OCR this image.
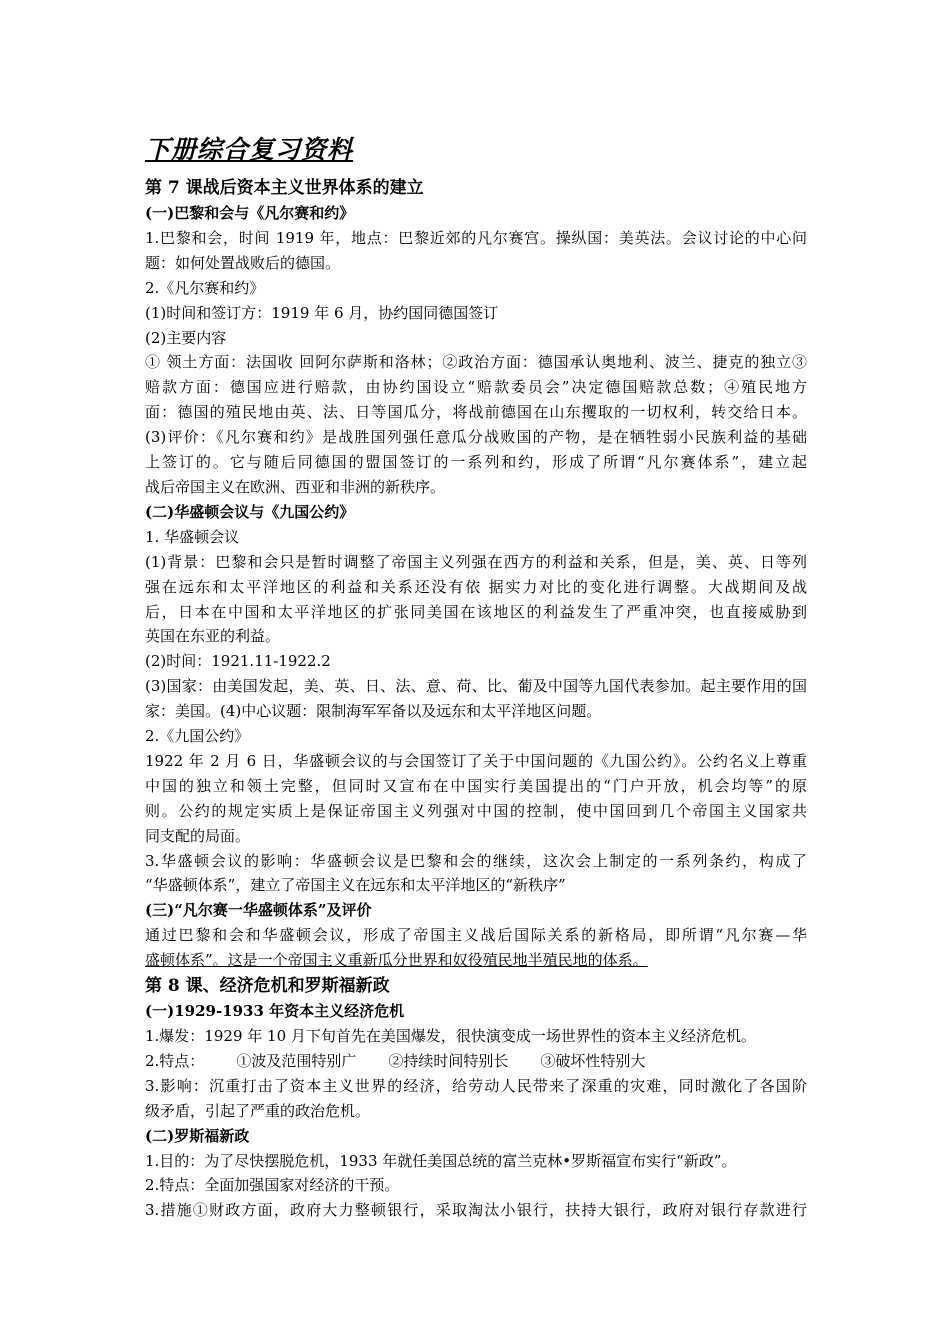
下册综合复习资料
第 7 课战后资本主义世界体系的建立
(一)巴黎和会与《凡尔赛和约》
1.巴黎和会，时间 1919 年，地点：巴黎近郊的凡尔赛宫。操纵国：美英法。会议讨论的中心问
题：如何处置战败后的德国。
2.《凡尔赛和约》
(1)时间和签订方：1919 年 6 月，协约国同德国签订
(2)主要内容
① 领土方面：法国收 回阿尔萨斯和洛林；②政治方面：德国承认奥地利、波兰、捷克的独立③
赔款方面：德国应进行赔款，由协约国设立“赔款委员会”决定德国赔款总数；④殖民地方
面：德国的殖民地由英、法、日等国瓜分，将战前德国在山东攫取的一切权利，转交给日本。
(3)评价：《凡尔赛和约》是战胜国列强任意瓜分战败国的产物，是在牺牲弱小民族利益的基础
上签订的。它与随后同德国的盟国签订的一系列和约，形成了所谓“凡尔赛体系”，建立起
战后帝国主义在欧洲、西亚和非洲的新秩序。
(二)华盛顿会议与《九国公约》
1. 华盛顿会议
(1)背景：巴黎和会只是暂时调整了帝国主义列强在西方的利益和关系，但是，美、英、日等列
强在远东和太平洋地区的利益和关系还没有依 据实力对比的变化进行调整。大战期间及战
后，日本在中国和太平洋地区的扩张同美国在该地区的利益发生了严重冲突，也直接威胁到
英国在东亚的利益。
(2)时间：1921.11-1922.2
(3)国家：由美国发起，美、英、日、法、意、荷、比、葡及中国等九国代表参加。起主要作用的国
家：美国。(4)中心议题：限制海军军备以及远东和太平洋地区问题。
2.《九国公约》
1922 年 2 月 6 日，华盛顿会议的与会国签订了关于中国问题的《九国公约》。公约名义上尊重
中国的独立和领土完整，但同时又宣布在中国实行美国提出的“门户开放，机会均等”的原
则。公约的规定实质上是保证帝国主义列强对中国的控制，使中国回到几个帝国主义国家共
同支配的局面。
3.华盛顿会议的影响：华盛顿会议是巴黎和会的继续，这次会上制定的一系列条约，构成了
“华盛顿体系”，建立了帝国主义在远东和太平洋地区的“新秩序”
(三)“凡尔赛一华盛顿体系”及评价
通过巴黎和会和华盛顿会议，形成了帝国主义战后国际关系的新格局，即所谓“凡尔赛—华
盛顿体系”。这是一个帝国主义重新瓜分世界和奴役殖民地半殖民地的体系。
第 8 课、经济危机和罗斯福新政
(一)1929-1933 年资本主义经济危机
1.爆发：1929 年 10 月下旬首先在美国爆发，很快演变成一场世界性的资本主义经济危机。
2.特点： ①波及范围特别广 ②持续时间特别长 ③破坏性特别大
3.影响：沉重打击了资本主义世界的经济，给劳动人民带来了深重的灾难，同时激化了各国阶
级矛盾，引起了严重的政治危机。
(二)罗斯福新政
1.目的：为了尽快摆脱危机，1933 年就任美国总统的富兰克林•罗斯福宣布实行“新政”。
2.特点：全面加强国家对经济的干预。
3.措施①财政方面，政府大力整顿银行，采取淘汰小银行，扶持大银行，政府对银行存款进行
